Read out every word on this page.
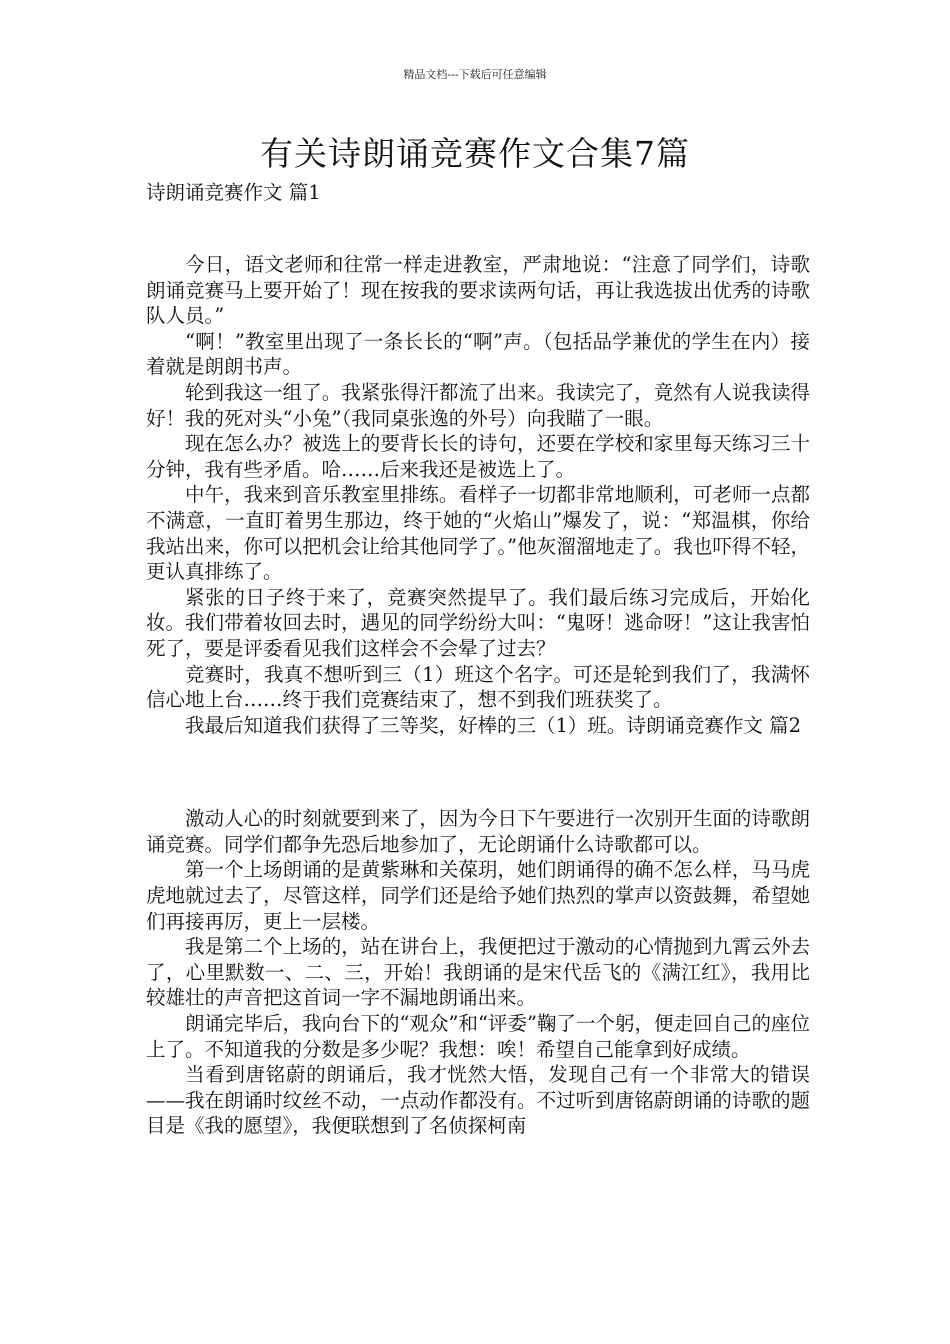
精品文档---下载后可任意编辑
有关诗朗诵竞赛作文合集7篇

诗朗诵竞赛作文 篇1

今日，语文老师和往常一样走进教室，严肃地说：“注意了同学们，诗歌朗诵竞赛马上要开始了！现在按我的要求读两句话，再让我选拔出优秀的诗歌队人员。”

“啊！”教室里出现了一条长长的“啊”声。（包括品学兼优的学生在内）接着就是朗朗书声。

轮到我这一组了。我紧张得汗都流了出来。我读完了，竟然有人说我读得好！我的死对头“小兔”（我同桌张逸的外号）向我瞄了一眼。

现在怎么办？被选上的要背长长的诗句，还要在学校和家里每天练习三十分钟，我有些矛盾。哈……后来我还是被选上了。

中午，我来到音乐教室里排练。看样子一切都非常地顺利，可老师一点都不满意，一直盯着男生那边，终于她的“火焰山”爆发了，说：“郑温棋，你给我站出来，你可以把机会让给其他同学了。”他灰溜溜地走了。我也吓得不轻，更认真排练了。

紧张的日子终于来了，竞赛突然提早了。我们最后练习完成后，开始化妆。我们带着妆回去时，遇见的同学纷纷大叫：“鬼呀！逃命呀！”这让我害怕死了，要是评委看见我们这样会不会晕了过去？

竞赛时，我真不想听到三（1）班这个名字。可还是轮到我们了，我满怀信心地上台……终于我们竞赛结束了，想不到我们班获奖了。

我最后知道我们获得了三等奖，好棒的三（1）班。诗朗诵竞赛作文 篇2

激动人心的时刻就要到来了，因为今日下午要进行一次别开生面的诗歌朗诵竞赛。同学们都争先恐后地参加了，无论朗诵什么诗歌都可以。

第一个上场朗诵的是黄紫琳和关葆玥，她们朗诵得的确不怎么样，马马虎虎地就过去了，尽管这样，同学们还是给予她们热烈的掌声以资鼓舞，希望她们再接再厉，更上一层楼。

我是第二个上场的，站在讲台上，我便把过于激动的心情抛到九霄云外去了，心里默数一、二、三，开始！我朗诵的是宋代岳飞的《满江红》，我用比较雄壮的声音把这首词一字不漏地朗诵出来。

朗诵完毕后，我向台下的“观众”和“评委”鞠了一个躬，便走回自己的座位上了。不知道我的分数是多少呢？我想：唉！希望自己能拿到好成绩。

当看到唐铭蔚的朗诵后，我才恍然大悟，发现自己有一个非常大的错误——我在朗诵时纹丝不动，一点动作都没有。不过听到唐铭蔚朗诵的诗歌的题目是《我的愿望》，我便联想到了名侦探柯南
